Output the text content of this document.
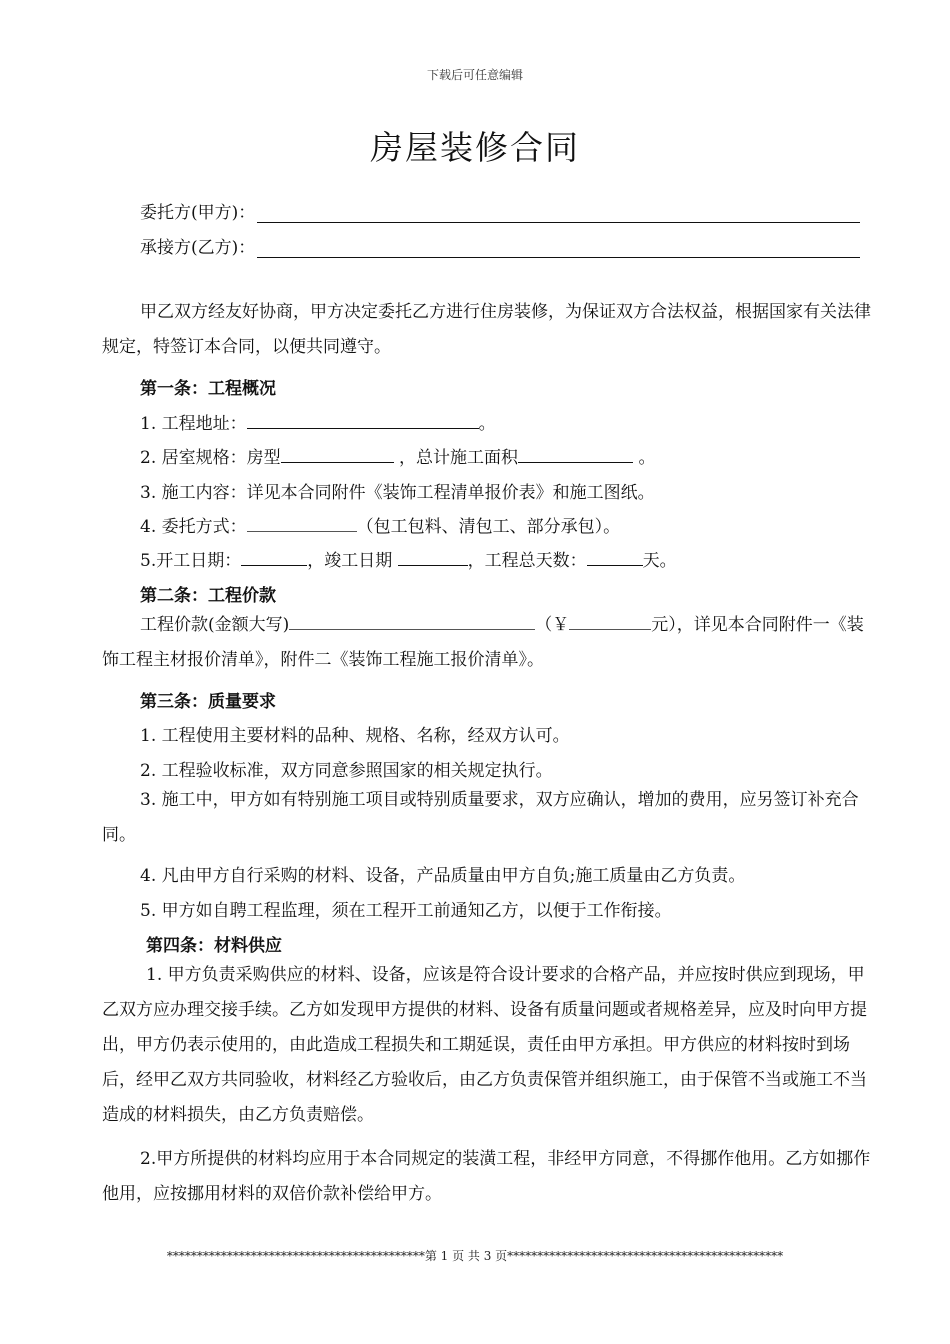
下载后可任意编辑
房屋装修合同
委托方(甲方)：
承接方(乙方)：
甲乙双方经友好协商，甲方决定委托乙方进行住房装修，为保证双方合法权益，根据国家有关法律规定，特签订本合同，以便共同遵守。
第一条：工程概况
1. 工程地址：	。
2. 居室规格：房型	，总计施工面积	。
3. 施工内容：详见本合同附件《装饰工程清单报价表》和施工图纸。
4. 委托方式：	（包工包料、清包工、部分承包）。
5.开工日期：	，竣工日期	，工程总天数：	天。
第二条：工程价款
工程价款(金额大写)	（￥	元），详见本合同附件一《装饰工程主材报价清单》，附件二《装饰工程施工报价清单》。
第三条：质量要求
1. 工程使用主要材料的品种、规格、名称，经双方认可。
2. 工程验收标准，双方同意参照国家的相关规定执行。
3. 施工中，甲方如有特别施工项目或特别质量要求，双方应确认，增加的费用，应另签订补充合同。
4. 凡由甲方自行采购的材料、设备，产品质量由甲方自负;施工质量由乙方负责。
5. 甲方如自聘工程监理，须在工程开工前通知乙方，以便于工作衔接。
第四条：材料供应
1. 甲方负责采购供应的材料、设备，应该是符合设计要求的合格产品，并应按时供应到现场，甲乙双方应办理交接手续。乙方如发现甲方提供的材料、设备有质量问题或者规格差异，应及时向甲方提出，甲方仍表示使用的，由此造成工程损失和工期延误，责任由甲方承担。甲方供应的材料按时到场后，经甲乙双方共同验收，材料经乙方验收后，由乙方负责保管并组织施工，由于保管不当或施工不当造成的材料损失，由乙方负责赔偿。
2.甲方所提供的材料均应用于本合同规定的装潢工程，非经甲方同意，不得挪作他用。乙方如挪作他用，应按挪用材料的双倍价款补偿给甲方。
*******************************************第 1 页 共 3 页**********************************************
